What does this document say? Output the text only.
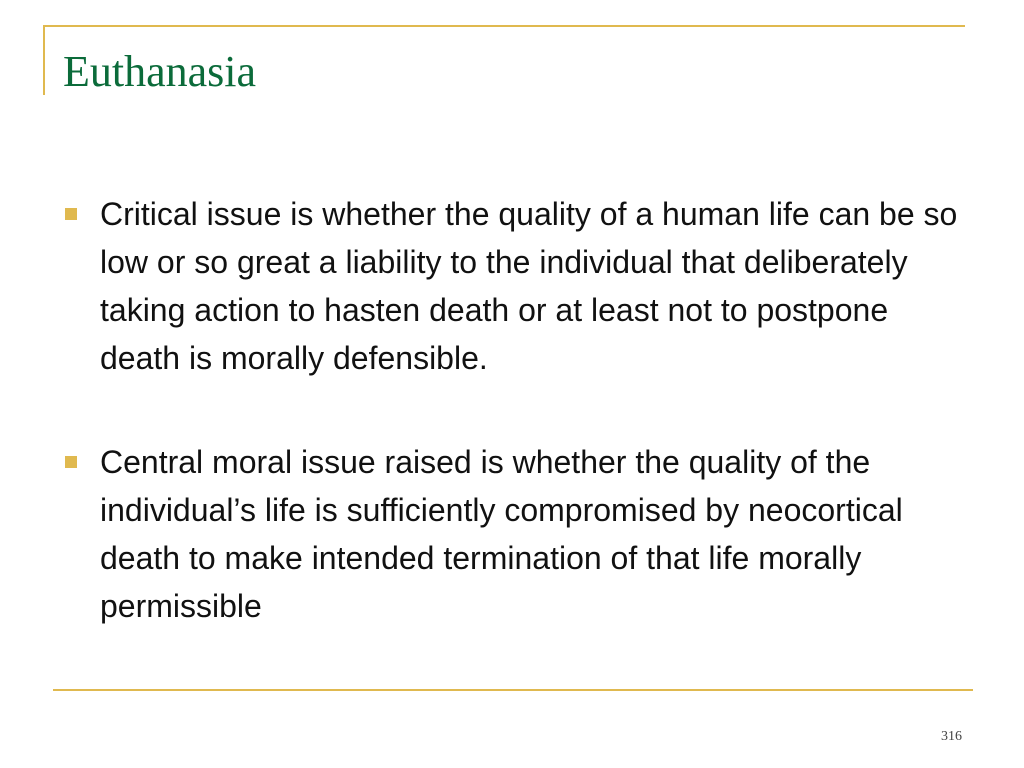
Euthanasia
Critical issue is whether the quality of a human life can be so low or so great a liability to the individual that deliberately taking action to hasten death or at least not to postpone death is morally defensible.
Central moral issue raised is whether the quality of the individual’s life is sufficiently compromised by neocortical death to make intended termination of that life morally permissible
316
